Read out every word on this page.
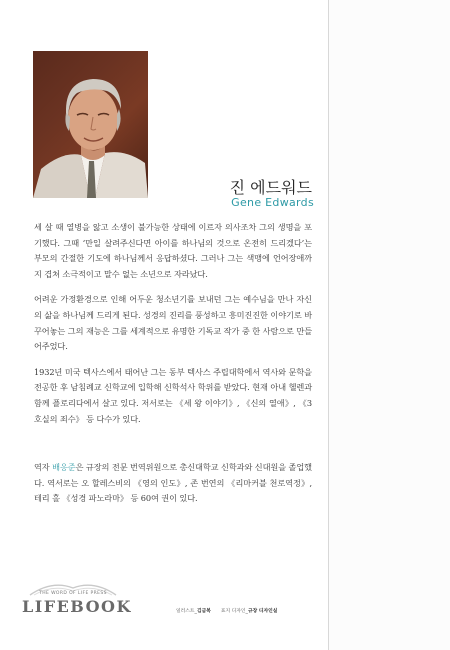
진 에드워드
Gene Edwards

세 살 때 열병을 앓고 소생이 불가능한 상태에 이르자 의사조차 그의 생명을 포기했다. 그때 ‘만일 살려주신다면 아이를 하나님의 것으로 온전히 드리겠다’는 부모의 간절한 기도에 하나님께서 응답하셨다. 그러나 그는 색맹에 언어장애까지 겹쳐 소극적이고 말수 없는 소년으로 자라났다.

어려운 가정환경으로 인해 어두운 청소년기를 보내던 그는 예수님을 만나 자신의 삶을 하나님께 드리게 된다. 성경의 진리를 풍성하고 흥미진진한 이야기로 바꾸어놓는 그의 재능은 그를 세계적으로 유명한 기독교 작가 중 한 사람으로 만들어주었다.

1932년 미국 텍사스에서 태어난 그는 동부 텍사스 주립대학에서 역사와 문학을 전공한 후 남침례교 신학교에 입학해 신학석사 학위를 받았다. 현재 아내 헬렌과 함께 플로리다에서 살고 있다. 저서로는 《세 왕 이야기》, 《신의 열애》, 《3호실의 죄수》 등 다수가 있다.

역자 배응준은 규장의 전문 번역위원으로 총신대학교 신학과와 신대원을 졸업했다. 역서로는 오 할레스비의 《영의 인도》, 존 번연의 《리마커블 천로역정》, 테리 홀 《성경 파노라마》 등 60여 권이 있다.
THE WORD OF LIFE PRESS
LIFEBOOK	일러스트_김금복 표지 디자인_규장 디자인실
